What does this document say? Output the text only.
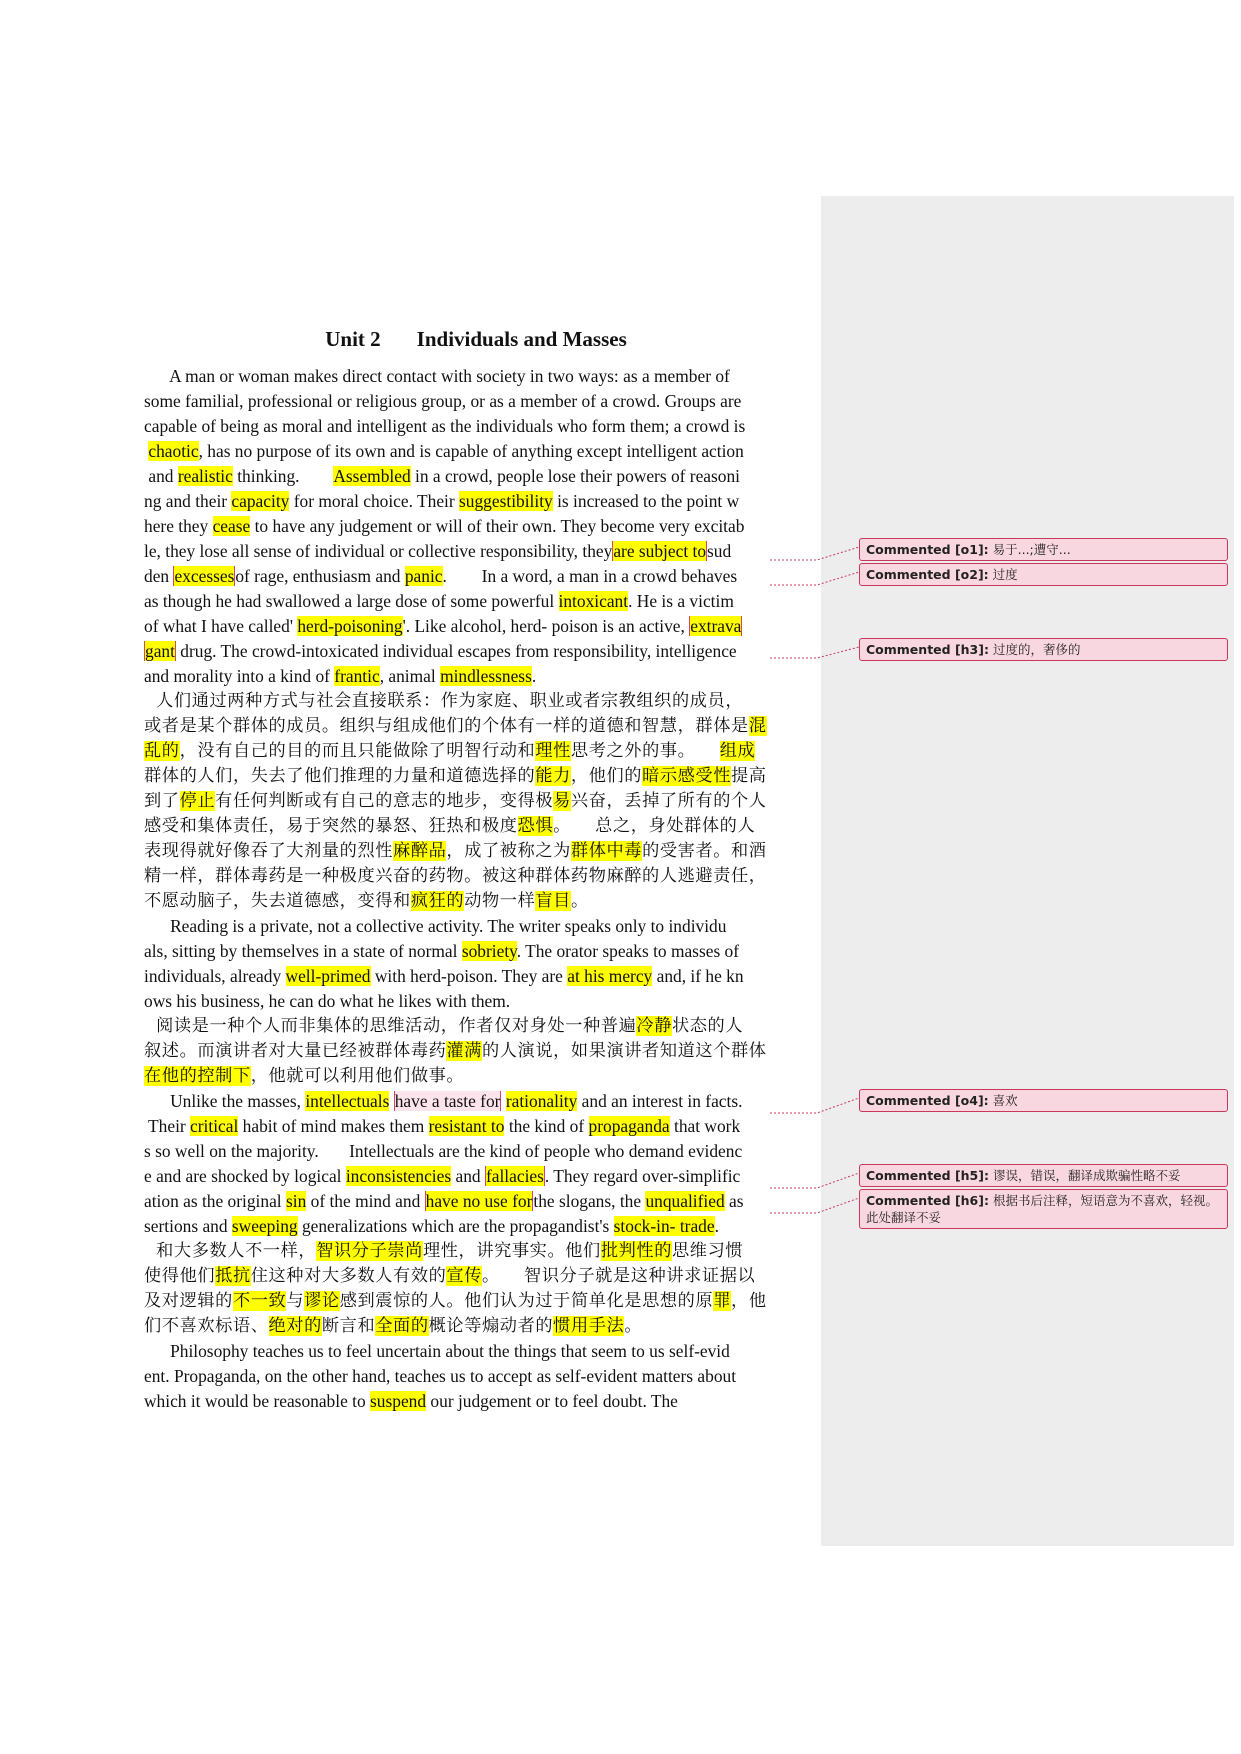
Unit 2 Individuals and Masses
A man or woman makes direct contact with society in two ways: as a member of
some familial, professional or religious group, or as a member of a crowd. Groups are
capable of being as moral and intelligent as the individuals who form them; a crowd is
chaotic, has no purpose of its own and is capable of anything except intelligent action
and realistic thinking.        Assembled in a crowd, people lose their powers of reasoni
ng and their capacity for moral choice. Their suggestibility is increased to the point w
here they cease to have any judgement or will of their own. They become very excitab
le, they lose all sense of individual or collective responsibility, theyare subject tosud
den excessesof rage, enthusiasm and panic.        In a word, a man in a crowd behaves
as though he had swallowed a large dose of some powerful intoxicant. He is a victim
of what I have called' herd-poisoning'. Like alcohol, herd- poison is an active, extrava
gant drug. The crowd-intoxicated individual escapes from responsibility, intelligence
and morality into a kind of frantic, animal mindlessness.
人们通过两种方式与社会直接联系：作为家庭、职业或者宗教组织的成员，
或者是某个群体的成员。组织与组成他们的个体有一样的道德和智慧，群体是混
乱的，没有自己的目的而且只能做除了明智行动和理性思考之外的事。    组成
群体的人们，失去了他们推理的力量和道德选择的能力，他们的暗示感受性提高
到了停止有任何判断或有自己的意志的地步，变得极易兴奋，丢掉了所有的个人
感受和集体责任，易于突然的暴怒、狂热和极度恐惧。    总之，身处群体的人
表现得就好像吞了大剂量的烈性麻醉品，成了被称之为群体中毒的受害者。和酒
精一样，群体毒药是一种极度兴奋的药物。被这种群体药物麻醉的人逃避责任，
不愿动脑子，失去道德感，变得和疯狂的动物一样盲目。
Reading is a private, not a collective activity. The writer speaks only to individu
als, sitting by themselves in a state of normal sobriety. The orator speaks to masses of
individuals, already well-primed with herd-poison. They are at his mercy and, if he kn
ows his business, he can do what he likes with them.
阅读是一种个人而非集体的思维活动，作者仅对身处一种普遍冷静状态的人
叙述。而演讲者对大量已经被群体毒药灌满的人演说，如果演讲者知道这个群体
在他的控制下，他就可以利用他们做事。
Unlike the masses, intellectuals have a taste for rationality and an interest in facts.
Their critical habit of mind makes them resistant to the kind of propaganda that work
s so well on the majority.       Intellectuals are the kind of people who demand evidenc
e and are shocked by logical inconsistencies and fallacies. They regard over-simplific
ation as the original sin of the mind and have no use forthe slogans, the unqualified as
sertions and sweeping generalizations which are the propagandist's stock-in- trade.
和大多数人不一样，智识分子崇尚理性，讲究事实。他们批判性的思维习惯
使得他们抵抗住这种对大多数人有效的宣传。    智识分子就是这种讲求证据以
及对逻辑的不一致与谬论感到震惊的人。他们认为过于简单化是思想的原罪，他
们不喜欢标语、绝对的断言和全面的概论等煽动者的惯用手法。
Philosophy teaches us to feel uncertain about the things that seem to us self-evid
ent. Propaganda, on the other hand, teaches us to accept as self-evident matters about
which it would be reasonable to suspend our judgement or to feel doubt. The
Commented [o1]: 易于...;遭守...
Commented [o2]: 过度
Commented [h3]: 过度的，奢侈的
Commented [o4]: 喜欢
Commented [h5]: 谬误，错误，翻译成欺骗性略不妥
Commented [h6]: 根据书后注释，短语意为不喜欢，轻视。此处翻译不妥
